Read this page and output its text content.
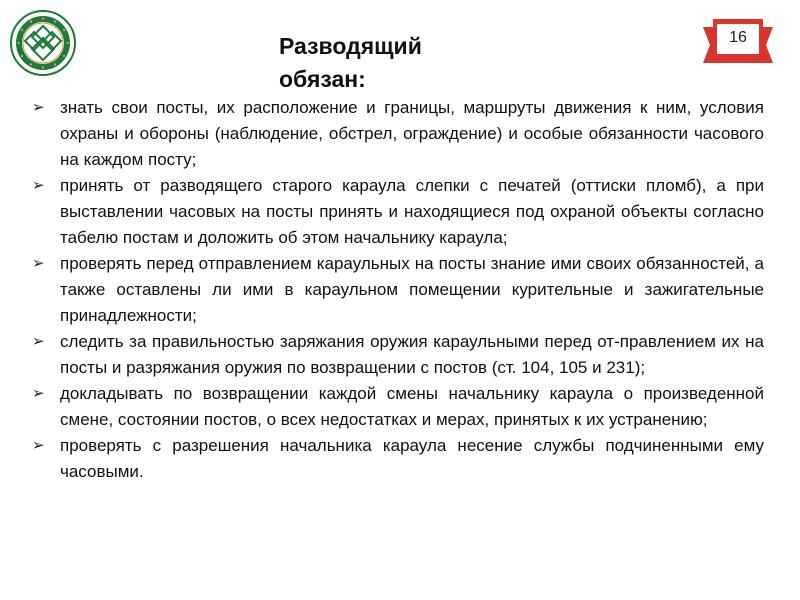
Разводящий
обязан:
16
➢ знать свои посты, их расположение и границы, маршруты движения к ним, условия охраны и обороны (наблюдение, обстрел, ограждение) и особые обязанности часового на каждом посту;
➢ принять от разводящего старого караула слепки с печатей (оттиски пломб), а при выставлении часовых на посты принять и находящиеся под охраной объекты согласно табелю постам и доложить об этом начальнику караула;
➢ проверять перед отправлением караульных на посты знание ими своих обязанностей, а также оставлены ли ими в караульном помещении курительные и зажигательные принадлежности;
➢ следить за правильностью заряжания оружия караульными перед от-правлением их на посты и разряжания оружия по возвращении с постов (ст. 104, 105 и 231);
➢ докладывать по возвращении каждой смены начальнику караула о произведенной смене, состоянии постов, о всех недостатках и мерах, принятых к их устранению;
➢ проверять с разрешения начальника караула несение службы подчиненными ему часовыми.
